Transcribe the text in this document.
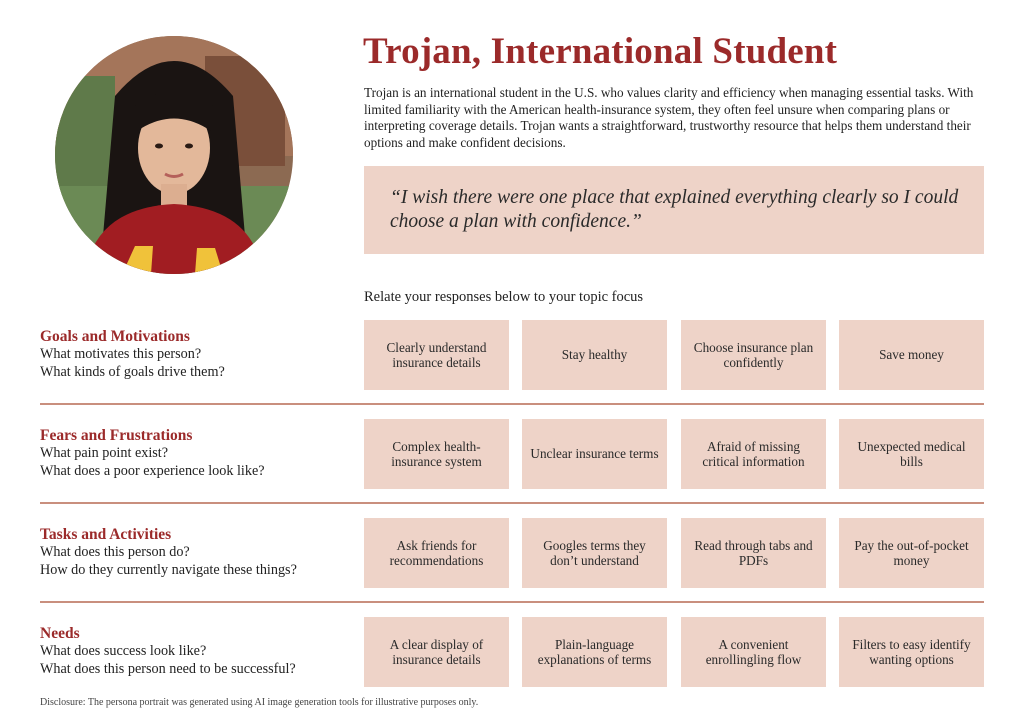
Trojan, International Student
Trojan is an international student in the U.S. who values clarity and efficiency when managing essential tasks. With limited familiarity with the American health-insurance system, they often feel unsure when comparing plans or interpreting coverage details. Trojan wants a straightforward, trustworthy resource that helps them understand their options and make confident decisions.
“I wish there were one place that explained everything clearly so I could choose a plan with confidence.”
Relate your responses below to your topic focus
Goals and Motivations
What motivates this person?
What kinds of goals drive them?
Clearly understand insurance details
Stay healthy
Choose insurance plan confidently
Save money
Fears and Frustrations
What pain point exist?
What does a poor experience look like?
Complex health-insurance system
Unclear insurance terms
Afraid of missing critical information
Unexpected medical bills
Tasks and Activities
What does this person do?
How do they currently navigate these things?
Ask friends for recommendations
Googles terms they don’t understand
Read through tabs and PDFs
Pay the out-of-pocket money
Needs
What does success look like?
What does this person need to be successful?
A clear display of insurance details
Plain-language explanations of terms
A convenient enrollingling flow
Filters to easy identify wanting options
Disclosure: The persona portrait was generated using AI image generation tools for illustrative purposes only.
